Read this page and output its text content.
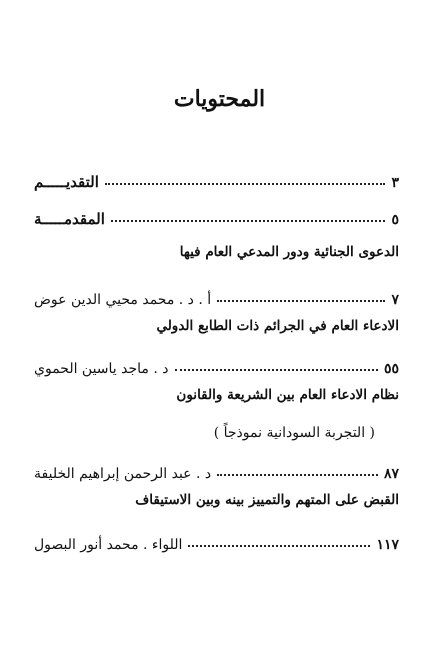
المحتويات
التقديـــــم	٣
المقدمـــــة	٥
الدعوى الجنائية ودور المدعي العام فيها
أ . د . محمد محيي الدين عوض	٧
الادعاء العام في الجرائم ذات الطابع الدولي
د . ماجد ياسين الحموي	٥٥
نظام الادعاء العام بين الشريعة والقانون
( التجربة السودانية نموذجاً )
د . عبد الرحمن إبراهيم الخليفة	٨٧
القبض على المتهم والتمييز بينه وبين الاستيقاف
اللواء . محمد أنور البصول	١١٧
